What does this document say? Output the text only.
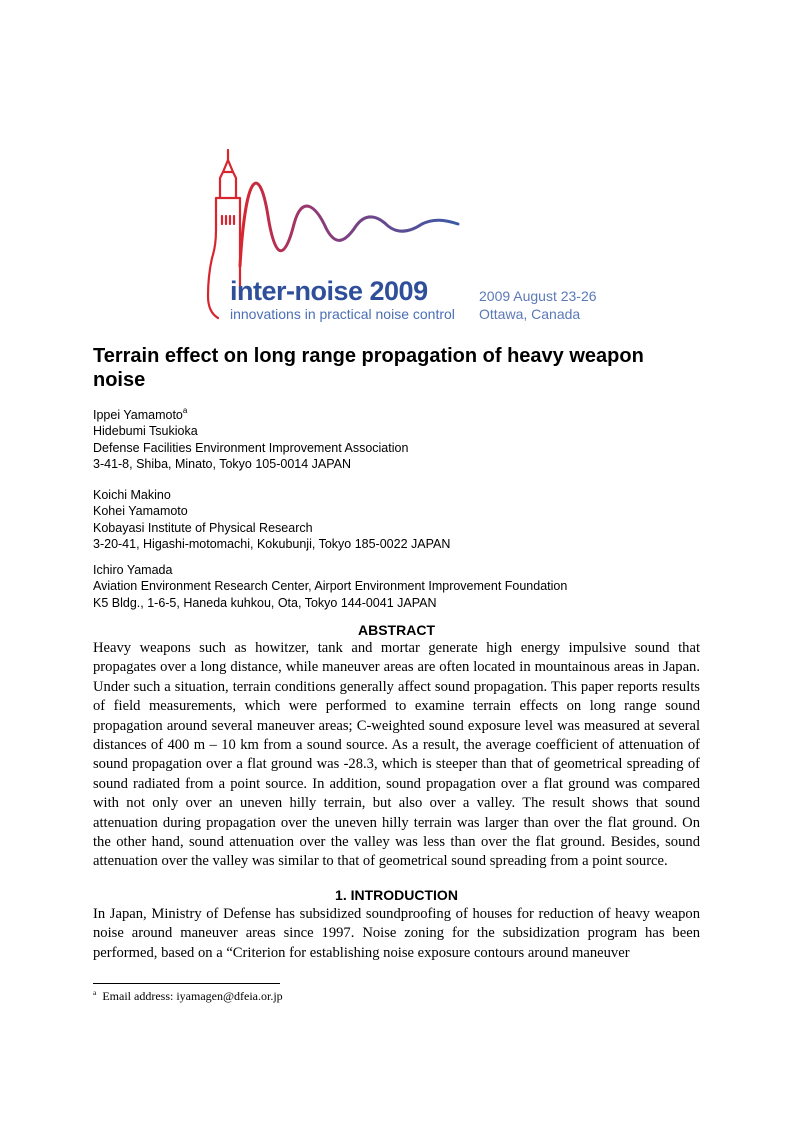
inter-noise 2009
innovations in practical noise control
2009 August 23-26
Ottawa, Canada
Terrain effect on long range propagation of heavy weapon noise
Ippei Yamamoto$^a$
Hidebumi Tsukioka
Defense Facilities Environment Improvement Association
3-41-8, Shiba, Minato, Tokyo 105-0014 JAPAN
Koichi Makino
Kohei Yamamoto
Kobayasi Institute of Physical Research
3-20-41, Higashi-motomachi, Kokubunji, Tokyo 185-0022 JAPAN
Ichiro Yamada
Aviation Environment Research Center, Airport Environment Improvement Foundation
K5 Bldg., 1-6-5, Haneda kuhkou, Ota, Tokyo 144-0041 JAPAN
ABSTRACT
Heavy weapons such as howitzer, tank and mortar generate high energy impulsive sound that propagates over a long distance, while maneuver areas are often located in mountainous areas in Japan. Under such a situation, terrain conditions generally affect sound propagation. This paper reports results of field measurements, which were performed to examine terrain effects on long range sound propagation around several maneuver areas; C-weighted sound exposure level was measured at several distances of 400 m – 10 km from a sound source. As a result, the average coefficient of attenuation of sound propagation over a flat ground was -28.3, which is steeper than that of geometrical spreading of sound radiated from a point source. In addition, sound propagation over a flat ground was compared with not only over an uneven hilly terrain, but also over a valley. The result shows that sound attenuation during propagation over the uneven hilly terrain was larger than over the flat ground. On the other hand, sound attenuation over the valley was less than over the flat ground. Besides, sound attenuation over the valley was similar to that of geometrical sound spreading from a point source.
1. INTRODUCTION
In Japan, Ministry of Defense has subsidized soundproofing of houses for reduction of heavy weapon noise around maneuver areas since 1997. Noise zoning for the subsidization program has been performed, based on a “Criterion for establishing noise exposure contours around maneuver
$^a$ Email address: iyamagen@dfeia.or.jp
